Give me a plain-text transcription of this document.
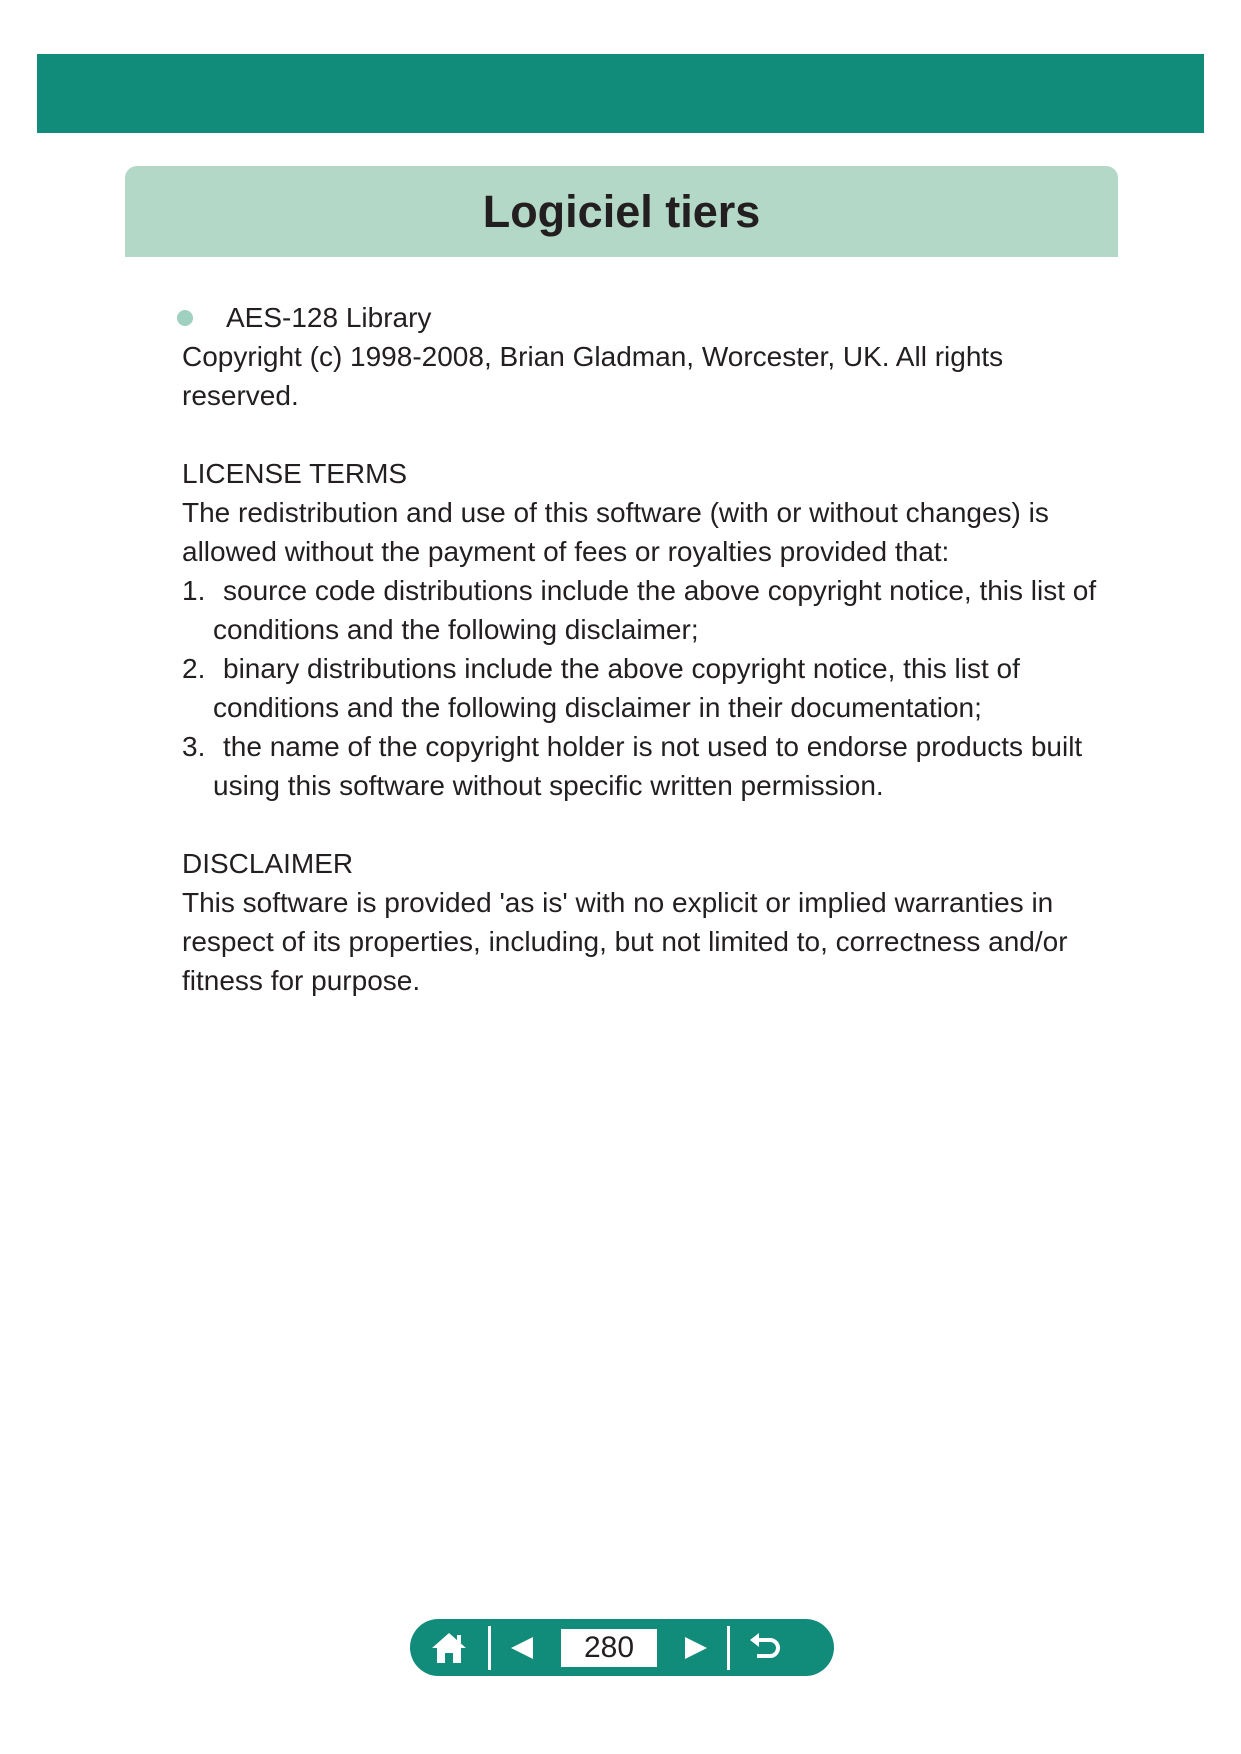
Logiciel tiers

AES-128 Library

Copyright (c) 1998-2008, Brian Gladman, Worcester, UK. All rights reserved.

LICENSE TERMS

The redistribution and use of this software (with or without changes) is allowed without the payment of fees or royalties provided that:

1. source code distributions include the above copyright notice, this list of conditions and the following disclaimer;
2. binary distributions include the above copyright notice, this list of conditions and the following disclaimer in their documentation;
3. the name of the copyright holder is not used to endorse products built using this software without specific written permission.

DISCLAIMER

This software is provided 'as is' with no explicit or implied warranties in respect of its properties, including, but not limited to, correctness and/or fitness for purpose.

280
